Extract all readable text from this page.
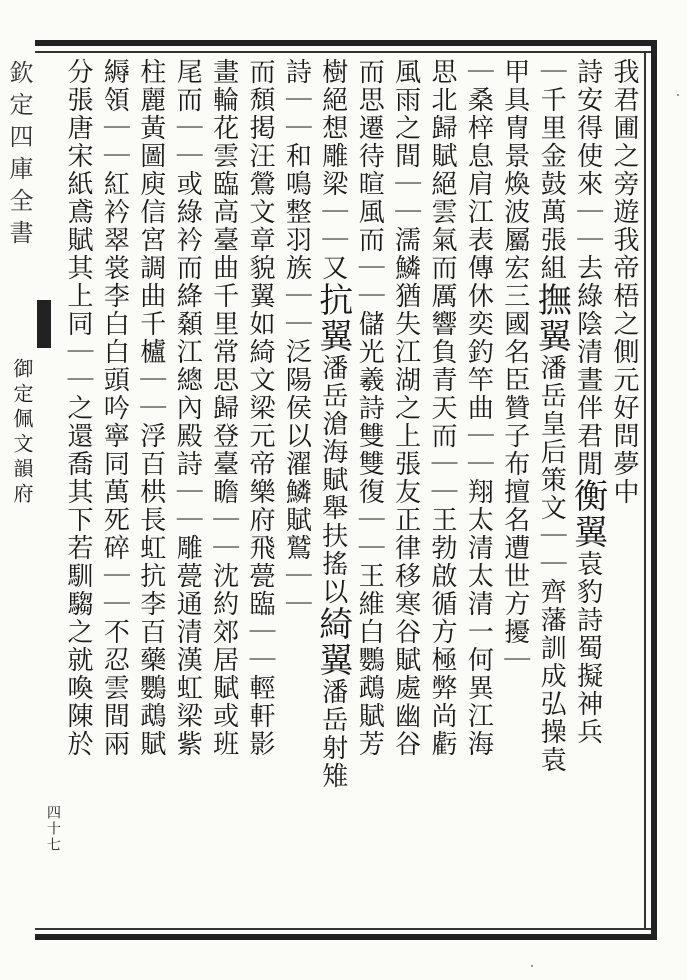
欽定四庫全書
御定佩文韻府
四十七
我君圃之旁遊我帝梧之側元好問夢中
詩安得使來｜｜去綠陰清晝伴君閒衡翼袁豹詩蜀擬神兵
｜千里金鼓萬張組撫翼潘岳皇后策文｜｜齊藩訓成弘操袁
甲具冑景煥波屬宏三國名臣贊子布擅名遭世方擾｜
｜桑梓息肩江表傳休奕釣竿曲｜｜翔太清太清一何異江海
思北歸賦絕雲氣而厲響負青天而｜｜王勃啟循方極弊尚虧
風雨之間｜｜濡鱗猶失江湖之上張友正律移寒谷賦處幽谷
而思遷待暄風而｜｜儲光羲詩雙雙復｜｜王維白鸚鵡賦芳
樹絕想雕梁｜｜又抗翼潘岳滄海賦舉扶搖以綺翼潘岳射雉
詩｜｜和鳴整羽族｜｜泛陽侯以濯鱗賦鷲｜｜
而頹掲汪鶯文章貌翼如綺文梁元帝樂府飛甍臨｜｜輕軒影
畫輪花雲臨高臺曲千里常思歸登臺瞻｜｜沈約郊居賦或班
尾而｜｜或綠衿而絳顙江總內殿詩｜｜雕甍通清漢虹梁紫
柱麗黃圖庾信宮調曲千櫨｜｜浮百栱長虹抗李百藥鸚鵡賦
縟領｜｜紅衿翠裳李白白頭吟寧同萬死碎｜｜不忍雲間兩
分張唐宋紙鳶賦其上同｜｜之還喬其下若馴騶之就喚陳於
